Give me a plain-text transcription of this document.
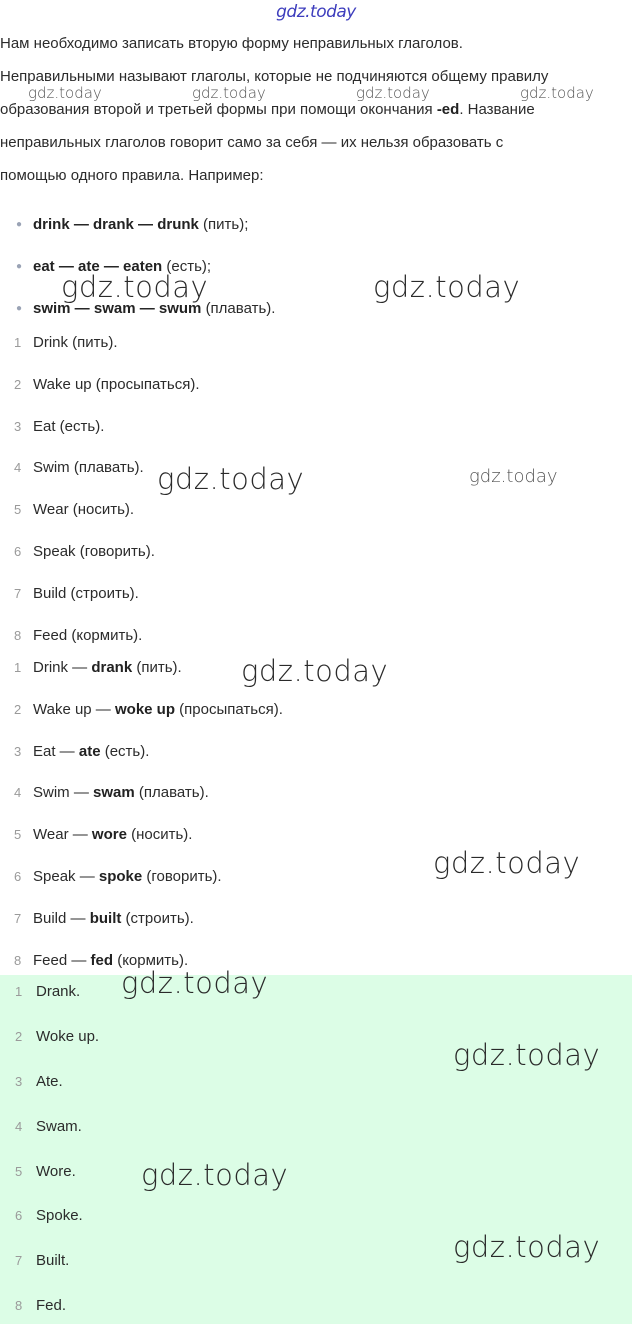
gdz.today
Нам необходимо записать вторую форму неправильных глаголов.
Неправильными называют глаголы, которые не подчиняются общему правилу
образования второй и третьей формы при помощи окончания -ed. Название
неправильных глаголов говорит само за себя — их нельзя образовать с
помощью одного правила. Например:
● drink — drank — drunk (пить);
● eat — ate — eaten (есть);
● swim — swam — swum (плавать).
1 Drink (пить).
2 Wake up (просыпаться).
3 Eat (есть).
4 Swim (плавать).
5 Wear (носить).
6 Speak (говорить).
7 Build (строить).
8 Feed (кормить).
1 Drink — drank (пить).
2 Wake up — woke up (просыпаться).
3 Eat — ate (есть).
4 Swim — swam (плавать).
5 Wear — wore (носить).
6 Speak — spoke (говорить).
7 Build — built (строить).
8 Feed — fed (кормить).
1 Drank.
2 Woke up.
3 Ate.
4 Swam.
5 Wore.
6 Spoke.
7 Built.
8 Fed.
gdz.today	gdz.today	gdz.today	gdz.today
gdz.today	gdz.today
gdz.today	gdz.today
gdz.today
gdz.today
gdz.today
gdz.today
gdz.today
gdz.today
